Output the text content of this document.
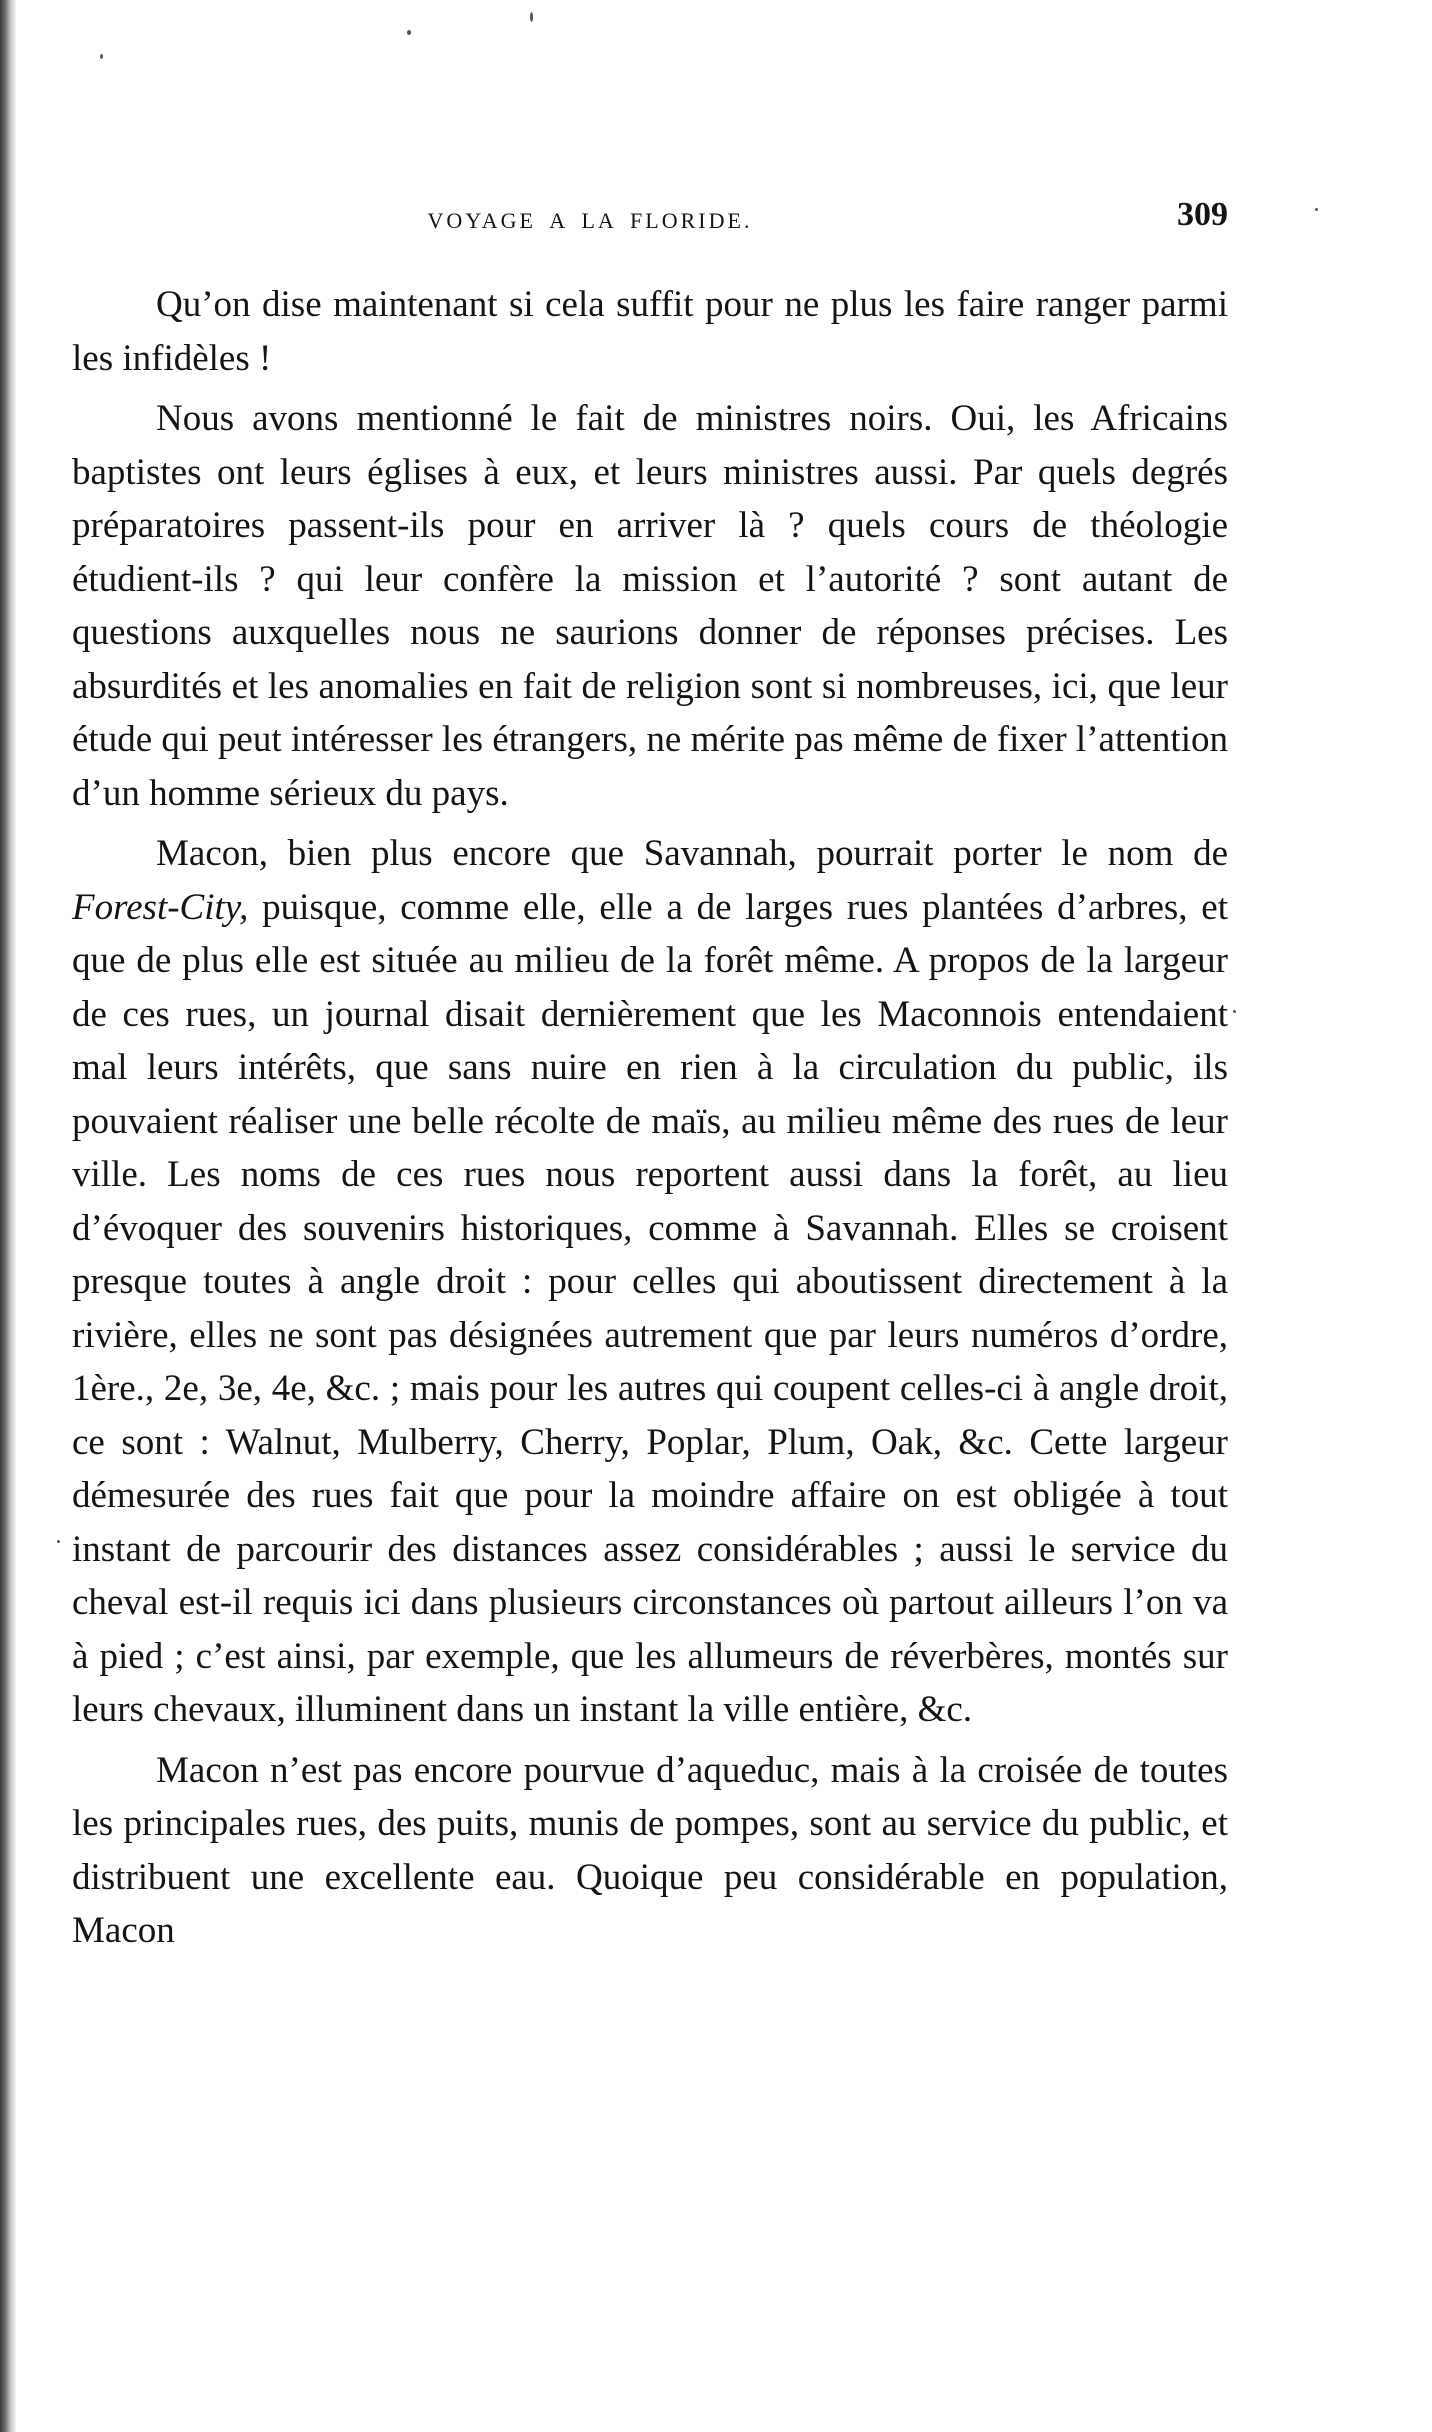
VOYAGE A LA FLORIDE.	309

Qu’on dise maintenant si cela suffit pour ne plus les faire ranger parmi les infidèles !

Nous avons mentionné le fait de ministres noirs. Oui, les Africains baptistes ont leurs églises à eux, et leurs ministres aussi. Par quels degrés préparatoires passent-ils pour en arriver là ? quels cours de théologie étudient-ils ? qui leur confère la mission et l’autorité ? sont autant de questions auxquelles nous ne saurions donner de réponses précises. Les absurdités et les anomalies en fait de religion sont si nombreuses, ici, que leur étude qui peut intéresser les étrangers, ne mérite pas même de fixer l’attention d’un homme sérieux du pays.

Macon, bien plus encore que Savannah, pourrait porter le nom de Forest-City, puisque, comme elle, elle a de larges rues plantées d’arbres, et que de plus elle est située au milieu de la forêt même. A propos de la largeur de ces rues, un journal disait dernièrement que les Maconnois entendaient mal leurs intérêts, que sans nuire en rien à la circulation du public, ils pouvaient réaliser une belle récolte de maïs, au milieu même des rues de leur ville. Les noms de ces rues nous reportent aussi dans la forêt, au lieu d’évoquer des souvenirs historiques, comme à Savannah. Elles se croisent presque toutes à angle droit : pour celles qui aboutissent directement à la rivière, elles ne sont pas désignées autrement que par leurs numéros d’ordre, 1ère., 2e, 3e, 4e, &c. ; mais pour les autres qui coupent celles-ci à angle droit, ce sont : Walnut, Mulberry, Cherry, Poplar, Plum, Oak, &c. Cette largeur démesurée des rues fait que pour la moindre affaire on est obligée à tout instant de parcourir des distances assez considérables ; aussi le service du cheval est-il requis ici dans plusieurs circonstances où partout ailleurs l’on va à pied ; c’est ainsi, par exemple, que les allumeurs de réverbères, montés sur leurs chevaux, illuminent dans un instant la ville entière, &c.

Macon n’est pas encore pourvue d’aqueduc, mais à la croisée de toutes les principales rues, des puits, munis de pompes, sont au service du public, et distribuent une excellente eau. Quoique peu considérable en population, Macon
